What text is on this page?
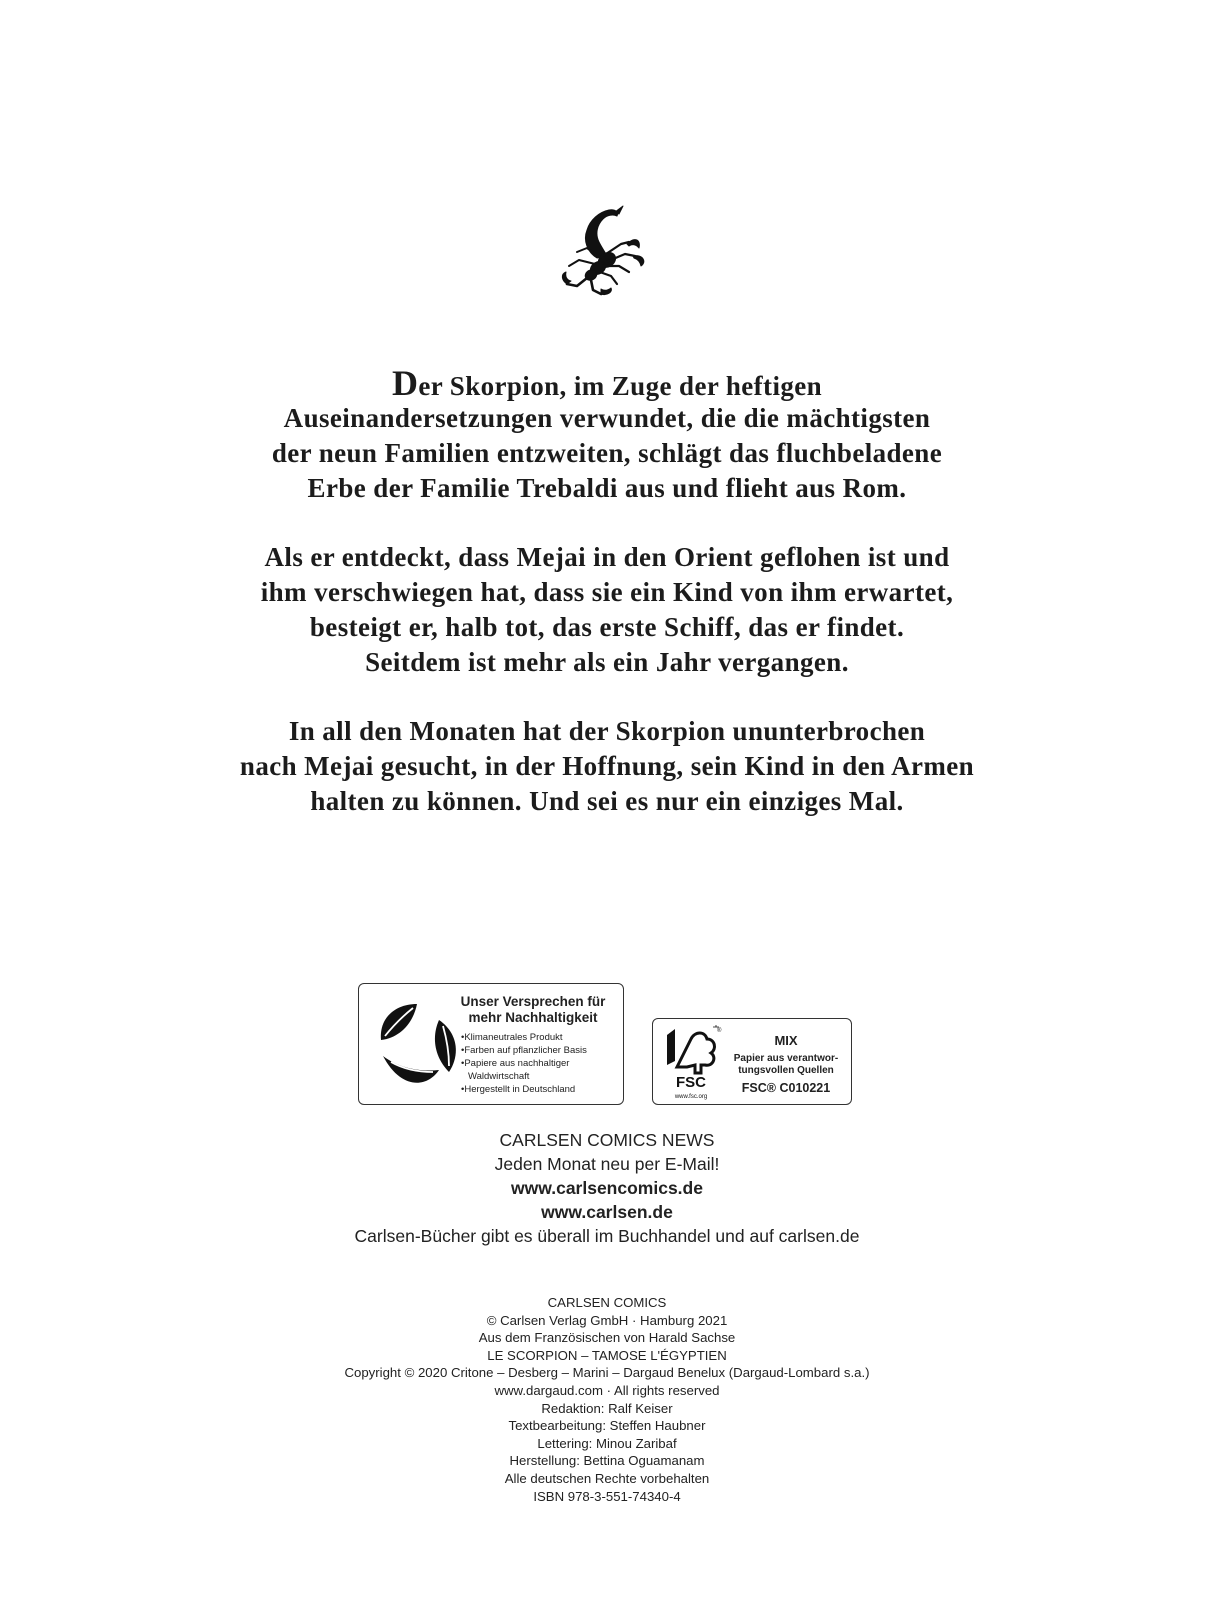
Der Skorpion, im Zuge der heftigen
Auseinandersetzungen verwundet, die die mächtigsten
der neun Familien entzweiten, schlägt das fluchbeladene
Erbe der Familie Trebaldi aus und flieht aus Rom.
Als er entdeckt, dass Mejai in den Orient geflohen ist und
ihm verschwiegen hat, dass sie ein Kind von ihm erwartet,
besteigt er, halb tot, das erste Schiff, das er findet.
Seitdem ist mehr als ein Jahr vergangen.
In all den Monaten hat der Skorpion ununterbrochen
nach Mejai gesucht, in der Hoffnung, sein Kind in den Armen
halten zu können. Und sei es nur ein einziges Mal.
Unser Versprechen für
mehr Nachhaltigkeit
• Klimaneutrales Produkt
• Farben auf pflanzlicher Basis
• Papiere aus nachhaltiger
Waldwirtschaft
• Hergestellt in Deutschland
®
FSC
www.fsc.org
MIX
Papier aus verantwor-
tungsvollen Quellen
FSC® C010221
CARLSEN COMICS NEWS
Jeden Monat neu per E-Mail!
www.carlsencomics.de
www.carlsen.de
Carlsen-Bücher gibt es überall im Buchhandel und auf carlsen.de
CARLSEN COMICS
© Carlsen Verlag GmbH · Hamburg 2021
Aus dem Französischen von Harald Sachse
LE SCORPION – TAMOSE L'ÉGYPTIEN
Copyright © 2020 Critone – Desberg – Marini – Dargaud Benelux (Dargaud-Lombard s.a.)
www.dargaud.com · All rights reserved
Redaktion: Ralf Keiser
Textbearbeitung: Steffen Haubner
Lettering: Minou Zaribaf
Herstellung: Bettina Oguamanam
Alle deutschen Rechte vorbehalten
ISBN 978-3-551-74340-4
